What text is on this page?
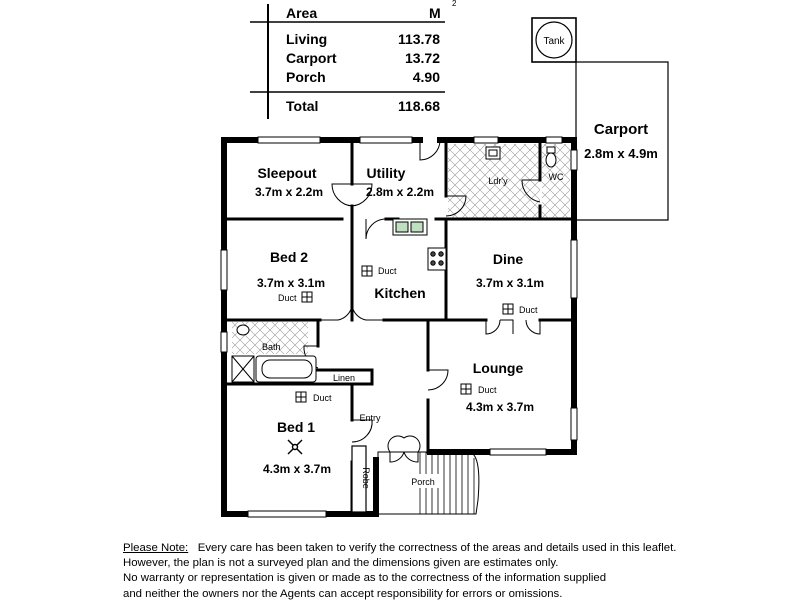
Area	M
2
Living	113.78
Carport	13.72
Porch	4.90
Total	118.68
Tank
Carport
2.8m x 4.9m
Porch
Robe
Sleepout
3.7m x 2.2m
Utility
2.8m x 2.2m
Ldr'y	WC
Bed 2
3.7m x 3.1m
Duct
Duct
Kitchen
Dine
3.7m x 3.1m
Duct
Bath
Linen
Lounge
Duct
4.3m x 3.7m
Duct
Bed 1
4.3m x 3.7m
Entry
Please Note: Every care has been taken to verify the correctness of the areas and details used in this leaflet.
However, the plan is not a surveyed plan and the dimensions given are estimates only.
No warranty or representation is given or made as to the correctness of the information supplied
and neither the owners nor the Agents can accept responsibility for errors or omissions.
